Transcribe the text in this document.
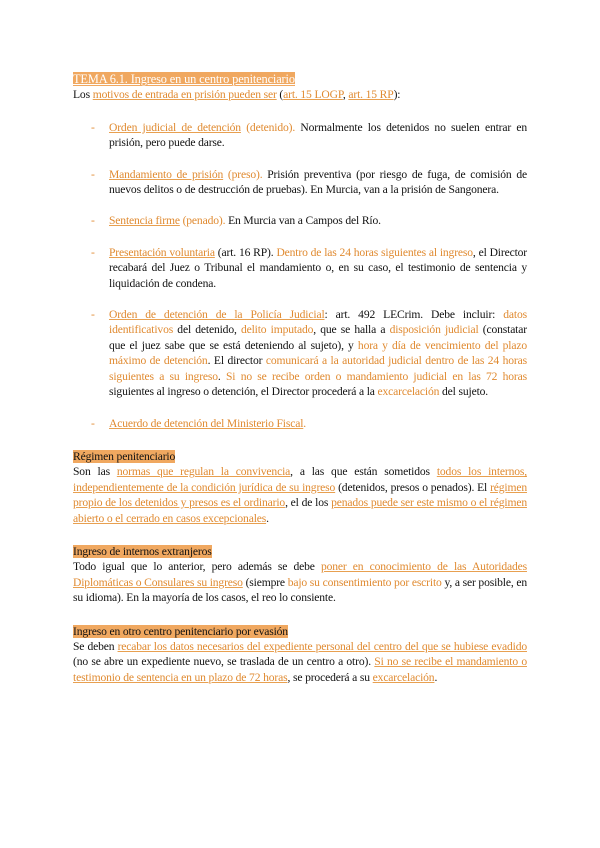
TEMA 6.1. Ingreso en un centro penitenciario

Los motivos de entrada en prisión pueden ser (art. 15 LOGP, art. 15 RP):

- Orden judicial de detención (detenido). Normalmente los detenidos no suelen entrar en prisión, pero puede darse.
- Mandamiento de prisión (preso). Prisión preventiva (por riesgo de fuga, de comisión de nuevos delitos o de destrucción de pruebas). En Murcia, van a la prisión de Sangonera.
- Sentencia firme (penado). En Murcia van a Campos del Río.
- Presentación voluntaria (art. 16 RP). Dentro de las 24 horas siguientes al ingreso, el Director recabará del Juez o Tribunal el mandamiento o, en su caso, el testimonio de sentencia y liquidación de condena.
- Orden de detención de la Policía Judicial: art. 492 LECrim. Debe incluir: datos identificativos del detenido, delito imputado, que se halla a disposición judicial (constatar que el juez sabe que se está deteniendo al sujeto), y hora y día de vencimiento del plazo máximo de detención. El director comunicará a la autoridad judicial dentro de las 24 horas siguientes a su ingreso. Si no se recibe orden o mandamiento judicial en las 72 horas siguientes al ingreso o detención, el Director procederá a la excarcelación del sujeto.
- Acuerdo de detención del Ministerio Fiscal.

Régimen penitenciario

Son las normas que regulan la convivencia, a las que están sometidos todos los internos, independientemente de la condición jurídica de su ingreso (detenidos, presos o penados). El régimen propio de los detenidos y presos es el ordinario, el de los penados puede ser este mismo o el régimen abierto o el cerrado en casos excepcionales.

Ingreso de internos extranjeros

Todo igual que lo anterior, pero además se debe poner en conocimiento de las Autoridades Diplomáticas o Consulares su ingreso (siempre bajo su consentimiento por escrito y, a ser posible, en su idioma). En la mayoría de los casos, el reo lo consiente.

Ingreso en otro centro penitenciario por evasión

Se deben recabar los datos necesarios del expediente personal del centro del que se hubiese evadido (no se abre un expediente nuevo, se traslada de un centro a otro). Si no se recibe el mandamiento o testimonio de sentencia en un plazo de 72 horas, se procederá a su excarcelación.
